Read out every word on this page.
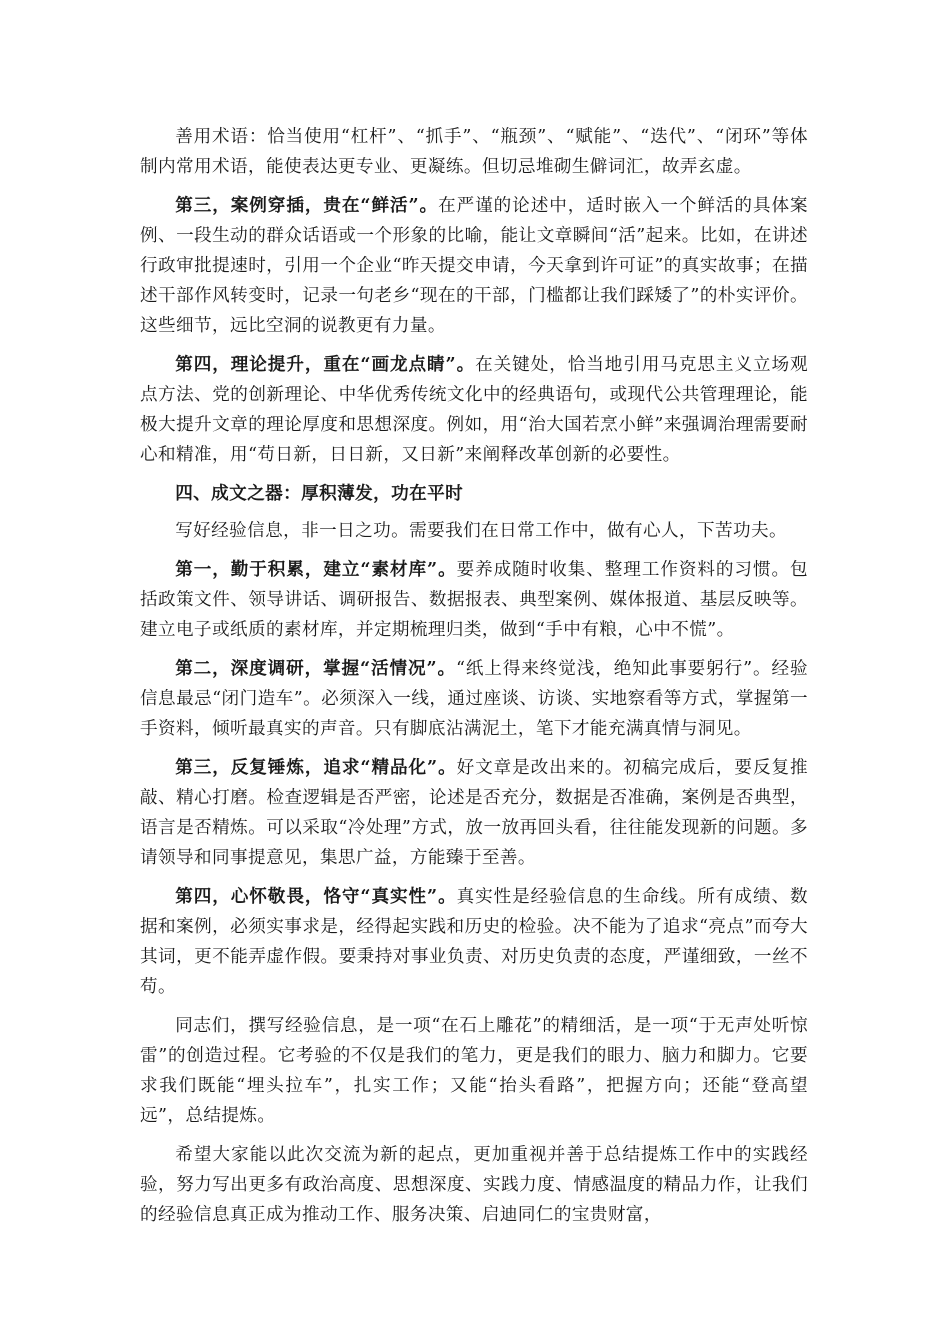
善用术语：恰当使用“杠杆”、“抓手”、“瓶颈”、“赋能”、“迭代”、“闭环”等体制内常用术语，能使表达更专业、更凝练。但切忌堆砌生僻词汇，故弄玄虚。

第三，案例穿插，贵在“鲜活”。在严谨的论述中，适时嵌入一个鲜活的具体案例、一段生动的群众话语或一个形象的比喻，能让文章瞬间“活”起来。比如，在讲述行政审批提速时，引用一个企业“昨天提交申请，今天拿到许可证”的真实故事；在描述干部作风转变时，记录一句老乡“现在的干部，门槛都让我们踩矮了”的朴实评价。这些细节，远比空洞的说教更有力量。

第四，理论提升，重在“画龙点睛”。在关键处，恰当地引用马克思主义立场观点方法、党的创新理论、中华优秀传统文化中的经典语句，或现代公共管理理论，能极大提升文章的理论厚度和思想深度。例如，用“治大国若烹小鲜”来强调治理需要耐心和精准，用“苟日新，日日新，又日新”来阐释改革创新的必要性。

四、成文之器：厚积薄发，功在平时

写好经验信息，非一日之功。需要我们在日常工作中，做有心人，下苦功夫。

第一，勤于积累，建立“素材库”。要养成随时收集、整理工作资料的习惯。包括政策文件、领导讲话、调研报告、数据报表、典型案例、媒体报道、基层反映等。建立电子或纸质的素材库，并定期梳理归类，做到“手中有粮，心中不慌”。

第二，深度调研，掌握“活情况”。“纸上得来终觉浅，绝知此事要躬行”。经验信息最忌“闭门造车”。必须深入一线，通过座谈、访谈、实地察看等方式，掌握第一手资料，倾听最真实的声音。只有脚底沾满泥土，笔下才能充满真情与洞见。

第三，反复锤炼，追求“精品化”。好文章是改出来的。初稿完成后，要反复推敲、精心打磨。检查逻辑是否严密，论述是否充分，数据是否准确，案例是否典型，语言是否精炼。可以采取“冷处理”方式，放一放再回头看，往往能发现新的问题。多请领导和同事提意见，集思广益，方能臻于至善。

第四，心怀敬畏，恪守“真实性”。真实性是经验信息的生命线。所有成绩、数据和案例，必须实事求是，经得起实践和历史的检验。决不能为了追求“亮点”而夸大其词，更不能弄虚作假。要秉持对事业负责、对历史负责的态度，严谨细致，一丝不苟。

同志们，撰写经验信息，是一项“在石上雕花”的精细活，是一项“于无声处听惊雷”的创造过程。它考验的不仅是我们的笔力，更是我们的眼力、脑力和脚力。它要求我们既能“埋头拉车”，扎实工作；又能“抬头看路”，把握方向；还能“登高望远”，总结提炼。

希望大家能以此次交流为新的起点，更加重视并善于总结提炼工作中的实践经验，努力写出更多有政治高度、思想深度、实践力度、情感温度的精品力作，让我们的经验信息真正成为推动工作、服务决策、启迪同仁的宝贵财富，
